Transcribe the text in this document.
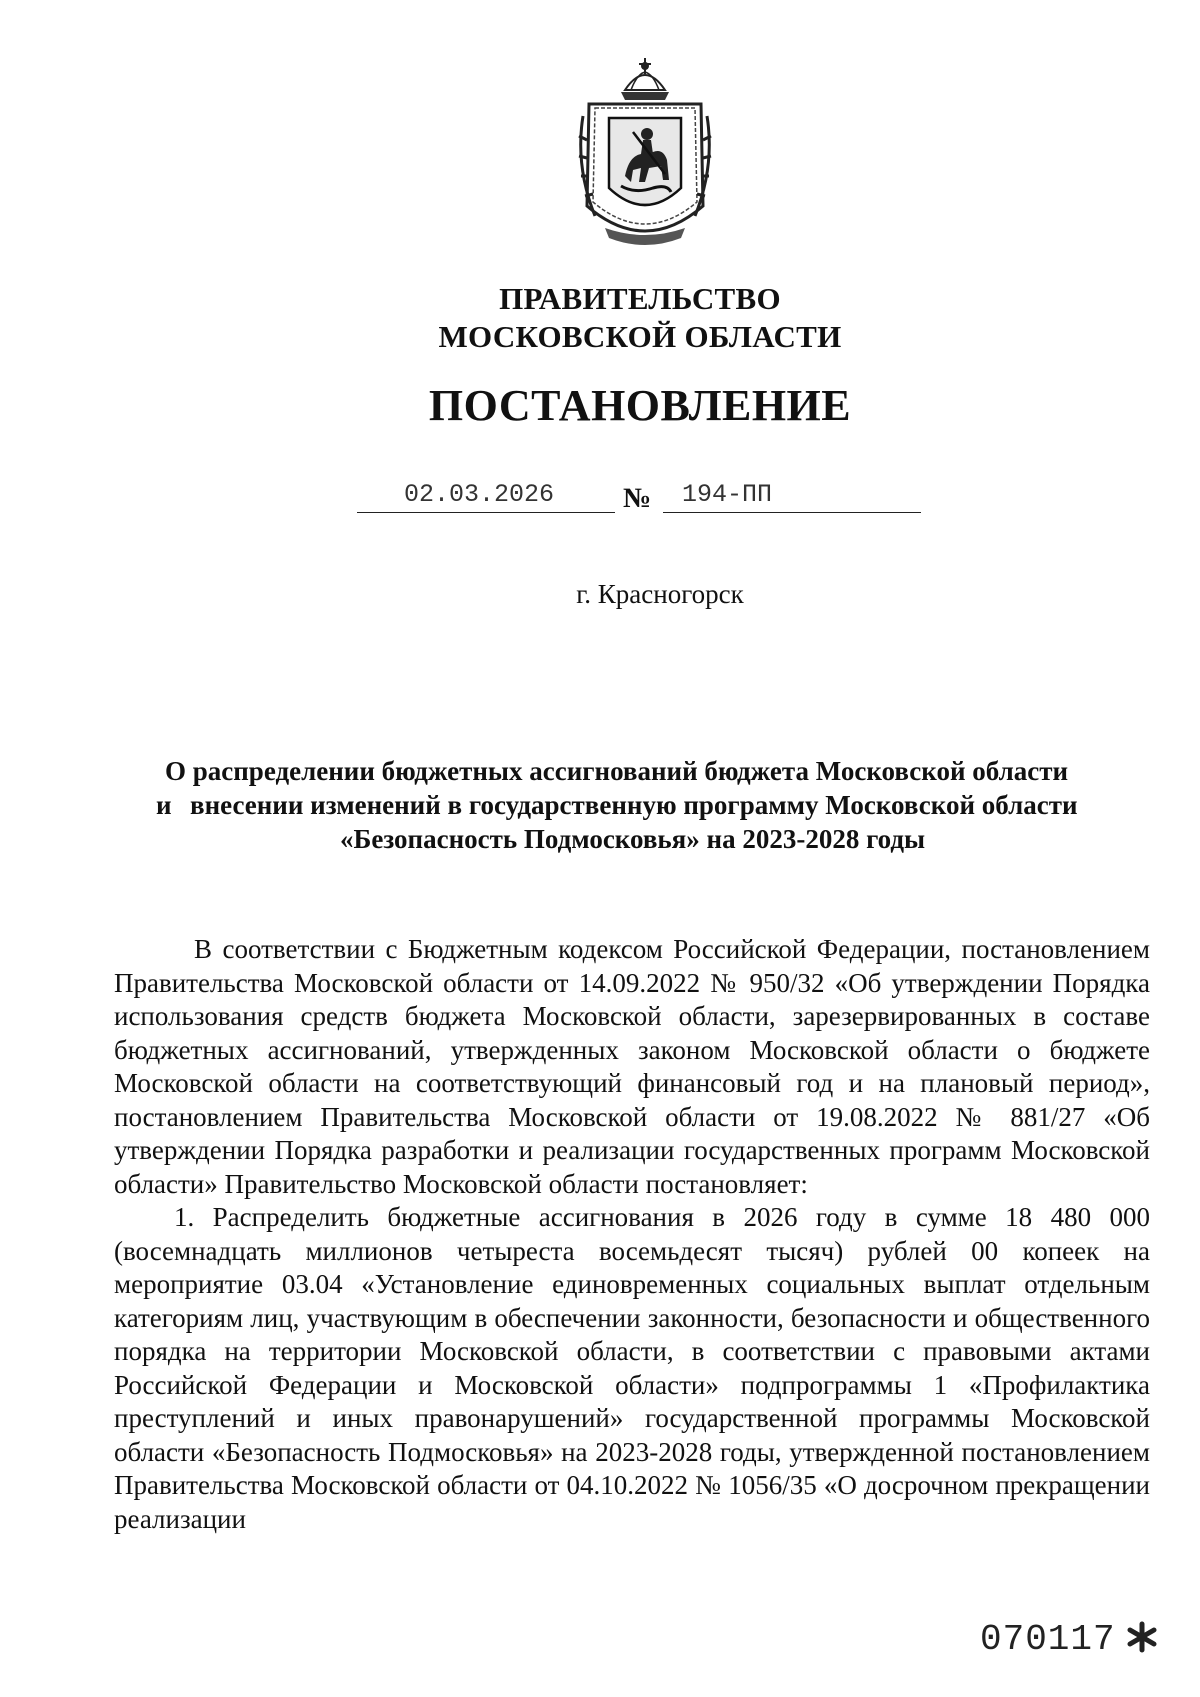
ПРАВИТЕЛЬСТВО
МОСКОВСКОЙ ОБЛАСТИ
ПОСТАНОВЛЕНИЕ
02.03.2026 № 194-ПП
г. Красногорск
О распределении бюджетных ассигнований бюджета Московской области
и внесении изменений в государственную программу Московской области
«Безопасность Подмосковья» на 2023-2028 годы

В соответствии с Бюджетным кодексом Российской Федерации, постановлением Правительства Московской области от 14.09.2022 № 950/32 «Об утверждении Порядка использования средств бюджета Московской области, зарезервированных в составе бюджетных ассигнований, утвержденных законом Московской области о бюджете Московской области на соответствующий финансовый год и на плановый период», постановлением Правительства Московской области от 19.08.2022 № 881/27 «Об утверждении Порядка разработки и реализации государственных программ Московской области» Правительство Московской области постановляет:

1. Распределить бюджетные ассигнования в 2026 году в сумме 18 480 000 (восемнадцать миллионов четыреста восемьдесят тысяч) рублей 00 копеек на мероприятие 03.04 «Установление единовременных социальных выплат отдельным категориям лиц, участвующим в обеспечении законности, безопасности и общественного порядка на территории Московской области, в соответствии с правовыми актами Российской Федерации и Московской области» подпрограммы 1 «Профилактика преступлений и иных правонарушений» государственной программы Московской области «Безопасность Подмосковья» на 2023-2028 годы, утвержденной постановлением Правительства Московской области от 04.10.2022 № 1056/35 «О досрочном прекращении реализации

070117
